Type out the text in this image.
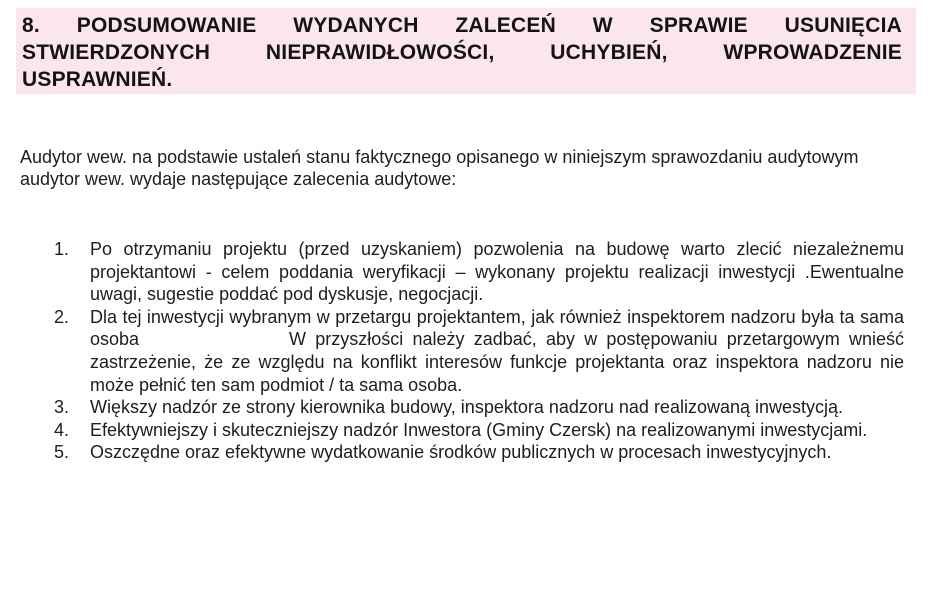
8. PODSUMOWANIE WYDANYCH ZALECEŃ W SPRAWIE USUNIĘCIA STWIERDZONYCH NIEPRAWIDŁOWOŚCI, UCHYBIEŃ, WPROWADZENIE USPRAWNIEŃ.

Audytor wew. na podstawie ustaleń stanu faktycznego opisanego w niniejszym sprawozdaniu audytowym audytor wew. wydaje następujące zalecenia audytowe:

1. Po otrzymaniu projektu (przed uzyskaniem) pozwolenia na budowę warto zlecić niezależnemu projektantowi - celem poddania weryfikacji – wykonany projektu realizacji inwestycji .Ewentualne uwagi, sugestie poddać pod dyskusje, negocjacji.
2. Dla tej inwestycji wybranym w przetargu projektantem, jak również inspektorem nadzoru była ta sama osoba	W przyszłości należy zadbać, aby w postępowaniu przetargowym wnieść zastrzeżenie, że ze względu na konflikt interesów funkcje projektanta oraz inspektora nadzoru nie może pełnić ten sam podmiot / ta sama osoba.
3. Większy nadzór ze strony kierownika budowy, inspektora nadzoru nad realizowaną inwestycją.
4. Efektywniejszy i skuteczniejszy nadzór Inwestora (Gminy Czersk) na realizowanymi inwestycjami.
5. Oszczędne oraz efektywne wydatkowanie środków publicznych w procesach inwestycyjnych.
